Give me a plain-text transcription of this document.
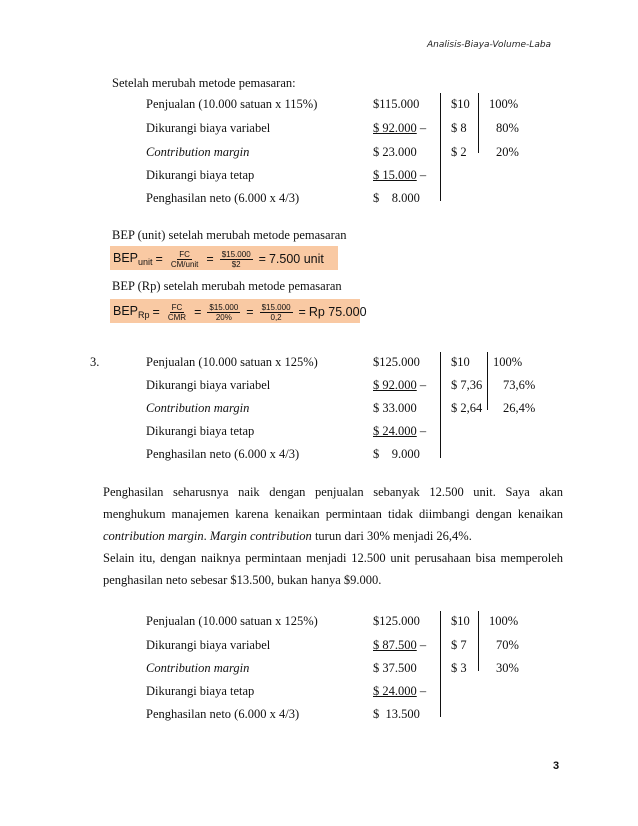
Analisis-Biaya-Volume-Laba
Setelah merubah metode pemasaran:
Penjualan (10.000 satuan x 115%)	$115.000	$10 100%
Dikurangi biaya variabel	$ 92.000 – $ 8 80%
Contribution margin	$ 23.000	$ 2 20%
Dikurangi biaya tetap	$ 15.000 –
Penghasilan neto (6.000 x 4/3)	$    8.000
BEP (unit) setelah merubah metode pemasaran
$BEP_{unit} = \frac{FC}{\text{CM/unit}} = \frac{\$15.000}{\$2} = 7.500$ unit
BEP (Rp) setelah merubah metode pemasaran
$BEP_{Rp} = \frac{FC}{\text{CMR}} = \frac{\$15.000}{20\%} = \frac{\$15.000}{0,2} = Rp$ 75.000
3.	Penjualan (10.000 satuan x 125%)	$125.000 $10 100%
Dikurangi biaya variabel	$ 92.000 – $ 7,36 73,6%
Contribution margin	$ 33.000	$ 2,64 26,4%
Dikurangi biaya tetap	$ 24.000 –
Penghasilan neto (6.000 x 4/3)	$    9.000
Penghasilan seharusnya naik dengan penjualan sebanyak 12.500 unit. Saya akan menghukum manajemen karena kenaikan permintaan tidak diimbangi dengan kenaikan contribution margin. Margin contribution turun dari 30% menjadi 26,4%.
Selain itu, dengan naiknya permintaan menjadi 12.500 unit perusahaan bisa memperoleh penghasilan neto sebesar $13.500, bukan hanya $9.000.
Penjualan (10.000 satuan x 125%)	$125.000 $10 100%
Dikurangi biaya variabel	$ 87.500 – $ 7 70%
Contribution margin	$ 37.500	$ 3 30%
Dikurangi biaya tetap	$ 24.000 –
Penghasilan neto (6.000 x 4/3)	$  13.500
3
